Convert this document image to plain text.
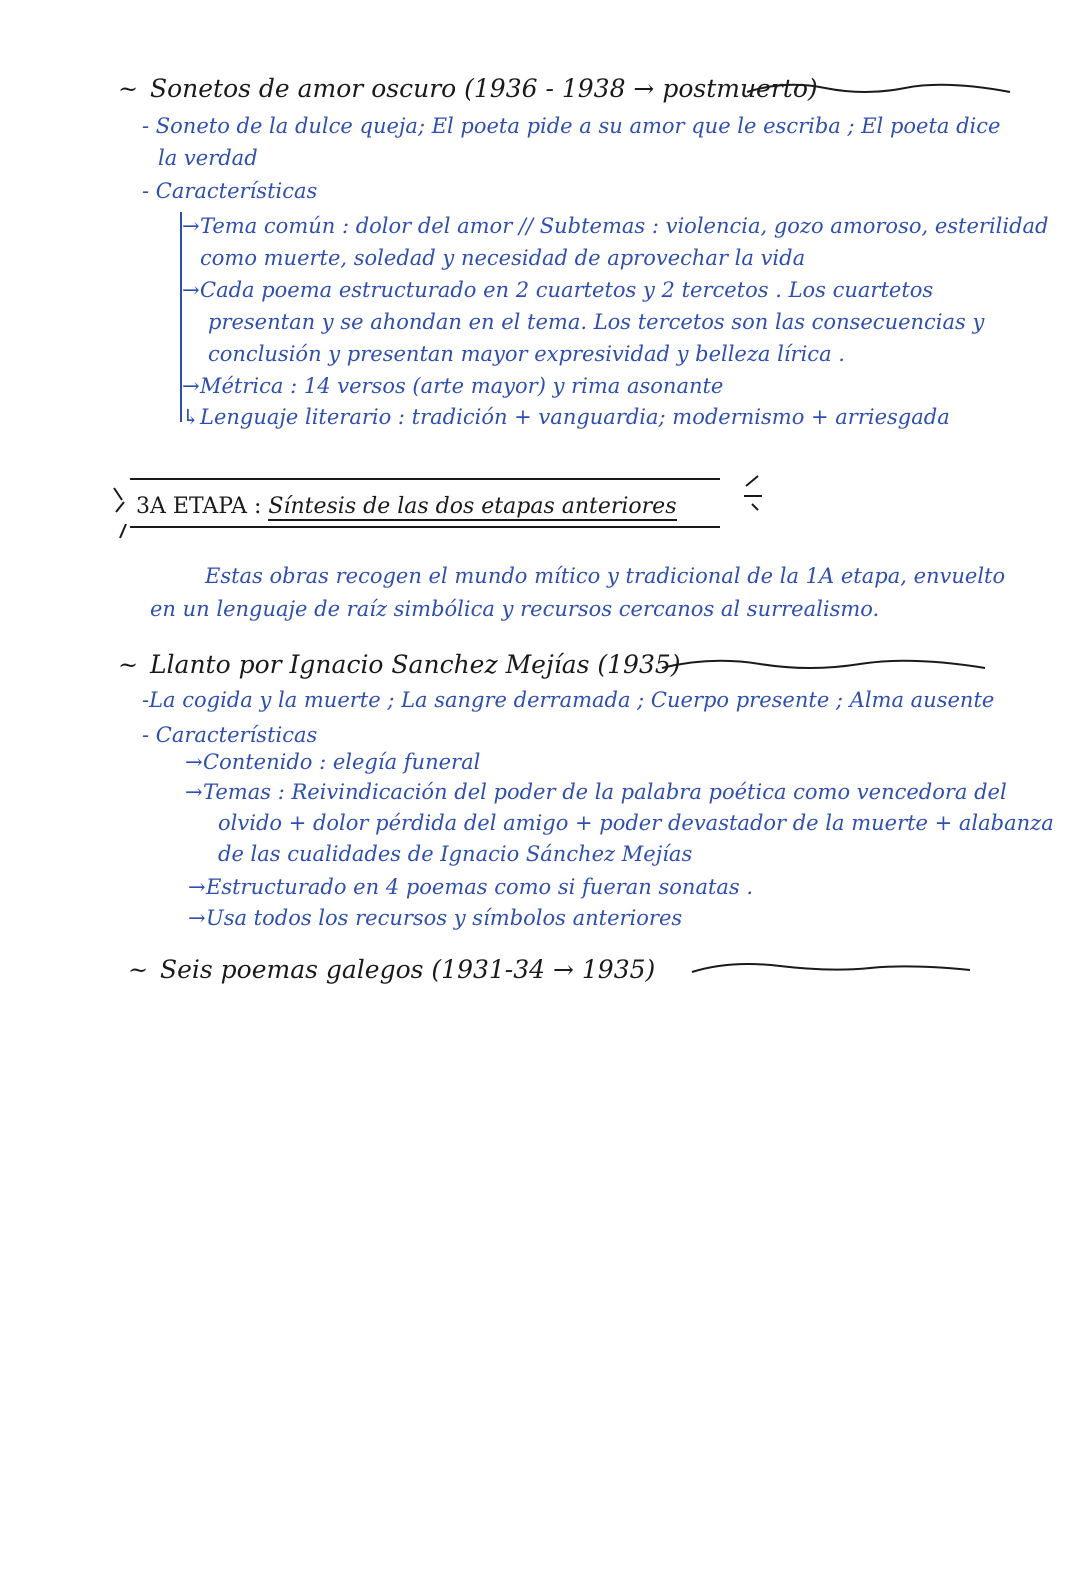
~ Sonetos de amor oscuro (1936 - 1938 → postmuerto)
- Soneto de la dulce queja; El poeta pide a su amor que le escriba ; El poeta dice
la verdad
- Características
→Tema común : dolor del amor // Subtemas : violencia, gozo amoroso, esterilidad
como muerte, soledad y necesidad de aprovechar la vida
→Cada poema estructurado en 2 cuartetos y 2 tercetos . Los cuartetos
presentan y se ahondan en el tema. Los tercetos son las consecuencias y
conclusión y presentan mayor expresividad y belleza lírica .
→Métrica : 14 versos (arte mayor) y rima asonante
↳Lenguaje literario : tradición + vanguardia; modernismo + arriesgada
3A ETAPA : Síntesis de las dos etapas anteriores
Estas obras recogen el mundo mítico y tradicional de la 1A etapa, envuelto
en un lenguaje de raíz simbólica y recursos cercanos al surrealismo.
~ Llanto por Ignacio Sanchez Mejías (1935)
-La cogida y la muerte ; La sangre derramada ; Cuerpo presente ; Alma ausente
- Características
→Contenido : elegía funeral
→Temas : Reivindicación del poder de la palabra poética como vencedora del
olvido + dolor pérdida del amigo + poder devastador de la muerte + alabanza
de las cualidades de Ignacio Sánchez Mejías
→Estructurado en 4 poemas como si fueran sonatas .
→Usa todos los recursos y símbolos anteriores
~ Seis poemas galegos (1931-34 → 1935)
